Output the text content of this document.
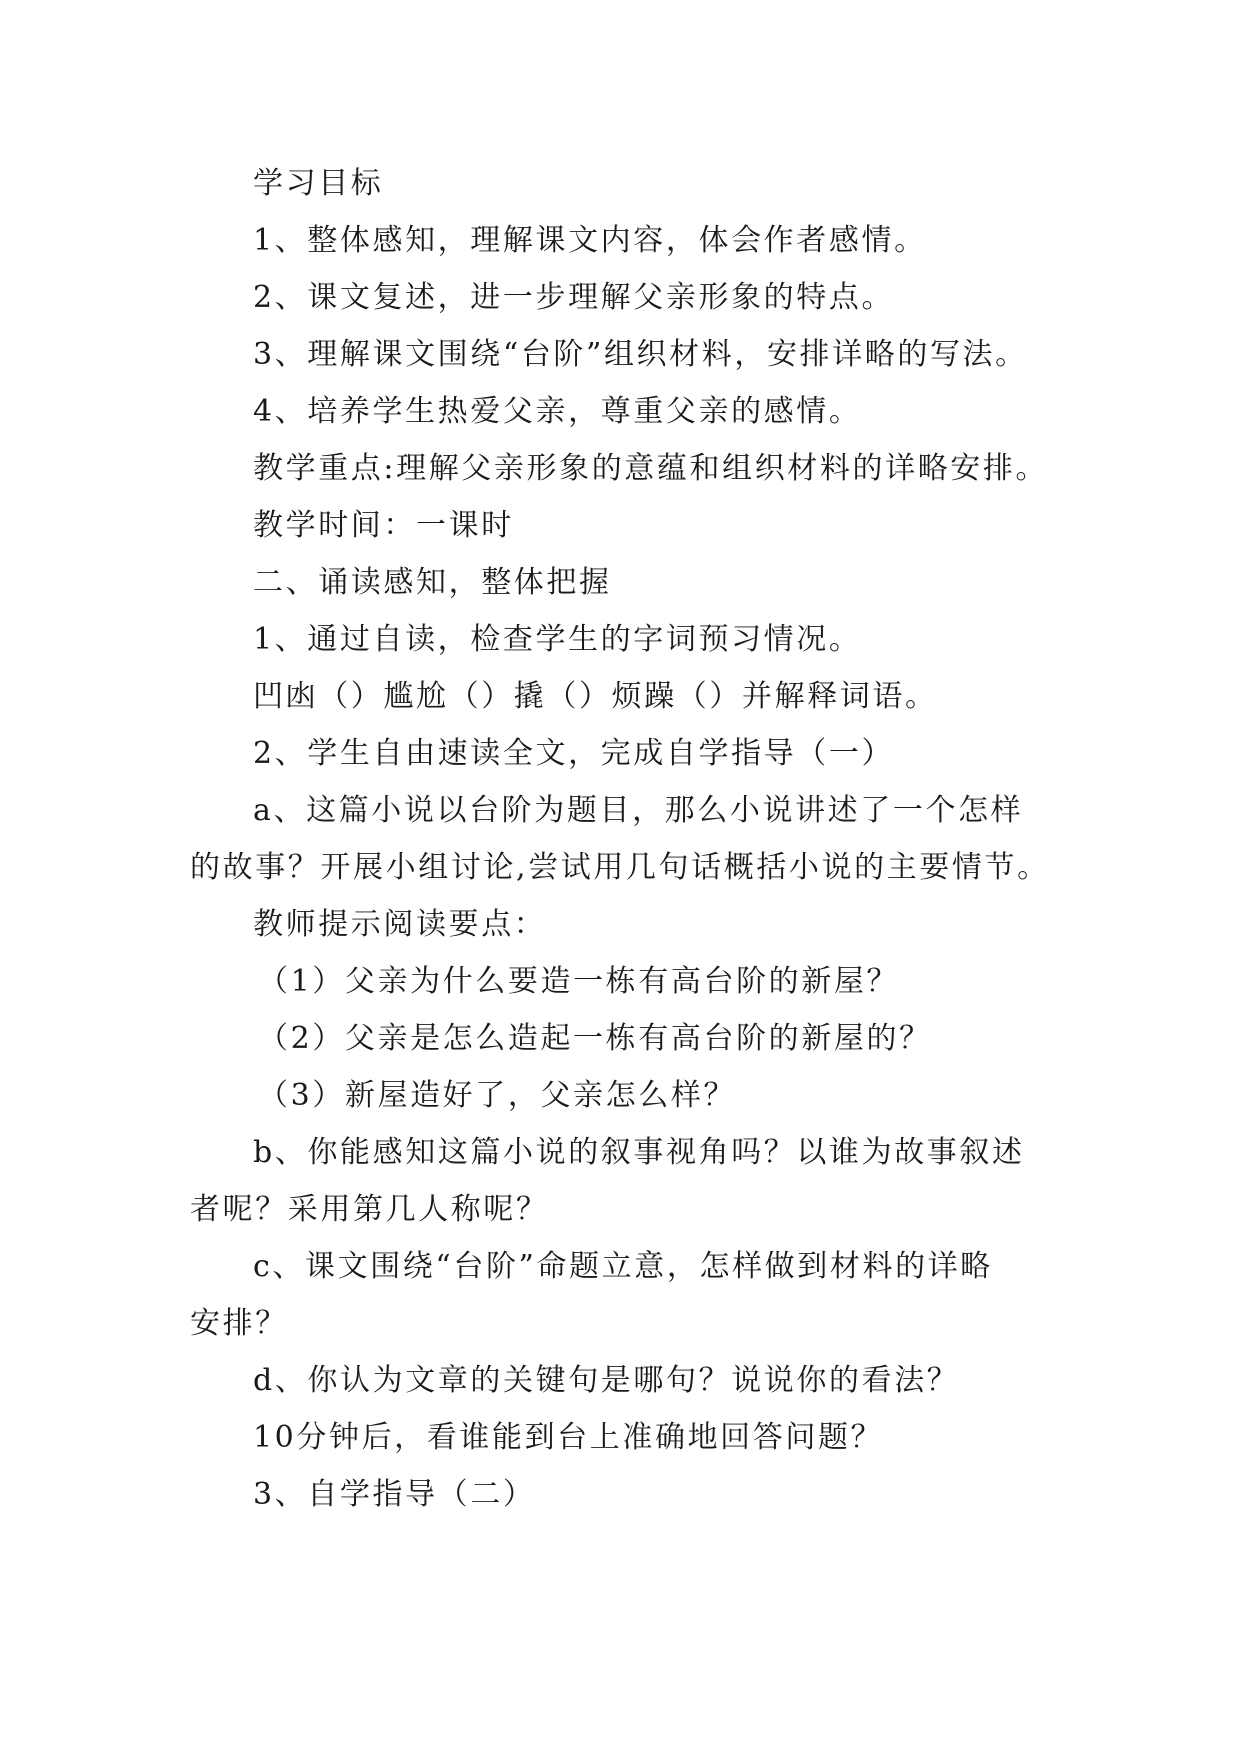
学习目标
1、整体感知，理解课文内容，体会作者感情。
2、课文复述，进一步理解父亲形象的特点。
3、理解课文围绕“台阶”组织材料，安排详略的写法。
4、培养学生热爱父亲，尊重父亲的感情。
教学重点:理解父亲形象的意蕴和组织材料的详略安排。
教学时间：一课时
二、诵读感知，整体把握
1、通过自读，检查学生的字词预习情况。
凹凼（）尴尬（）撬（）烦躁（）并解释词语。
2、学生自由速读全文，完成自学指导（一）
a、这篇小说以台阶为题目，那么小说讲述了一个怎样
的故事？开展小组讨论,尝试用几句话概括小说的主要情节。
教师提示阅读要点：
（1）父亲为什么要造一栋有高台阶的新屋？
（2）父亲是怎么造起一栋有高台阶的新屋的？
（3）新屋造好了，父亲怎么样？
b、你能感知这篇小说的叙事视角吗？以谁为故事叙述
者呢？采用第几人称呢？
c、课文围绕“台阶”命题立意，怎样做到材料的详略
安排？
d、你认为文章的关键句是哪句？说说你的看法？
10分钟后，看谁能到台上准确地回答问题？
3、自学指导（二）
